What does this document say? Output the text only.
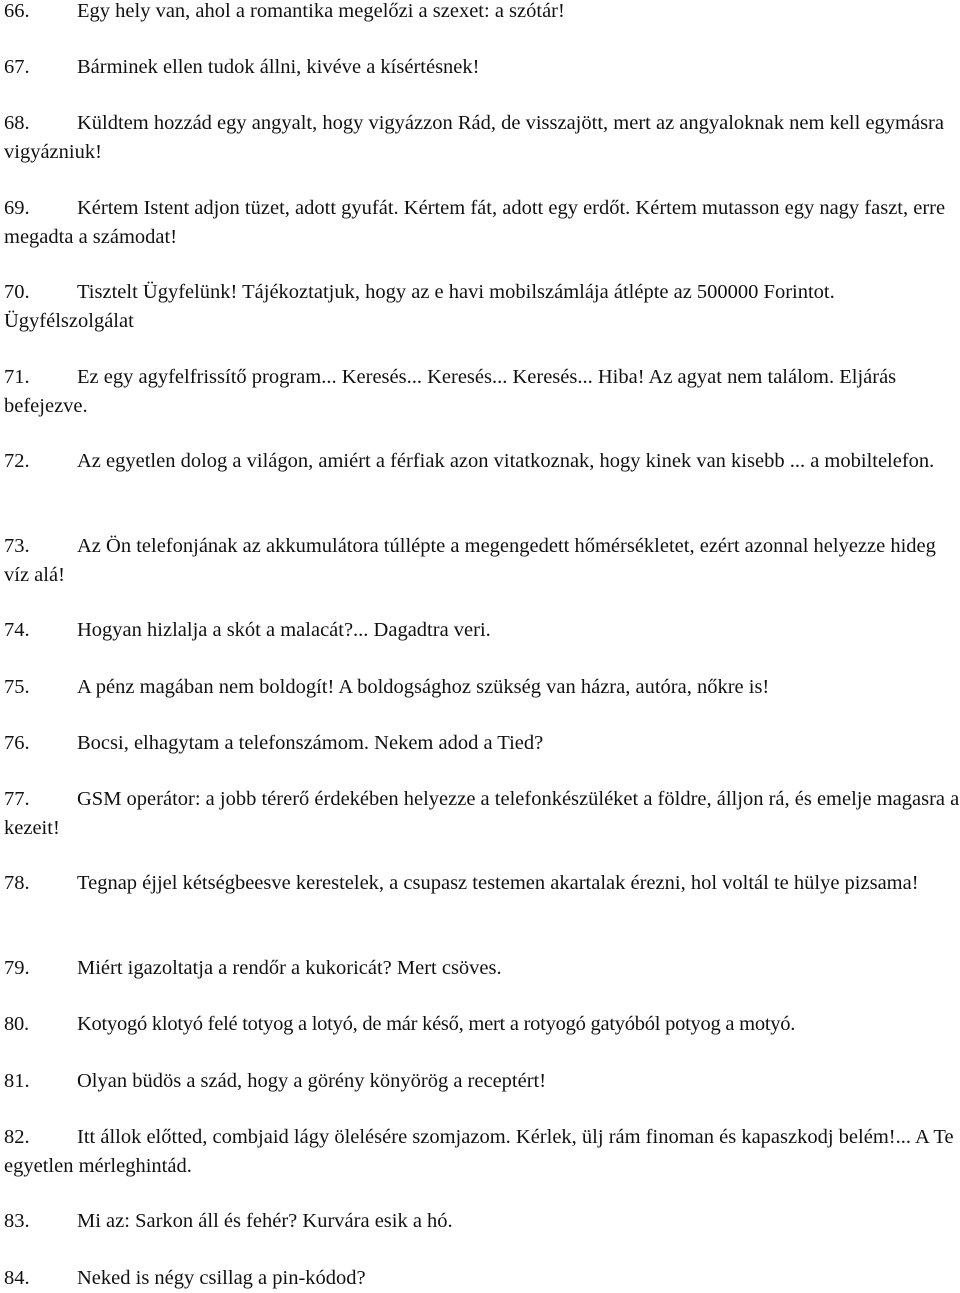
66. Egy hely van, ahol a romantika megelőzi a szexet: a szótár!

67. Bárminek ellen tudok állni, kivéve a kísértésnek!

68. Küldtem hozzád egy angyalt, hogy vigyázzon Rád, de visszajött, mert az angyaloknak nem kell egymásra vigyázniuk!

69. Kértem Istent adjon tüzet, adott gyufát. Kértem fát, adott egy erdőt. Kértem mutasson egy nagy faszt, erre megadta a számodat!

70. Tisztelt Ügyfelünk! Tájékoztatjuk, hogy az e havi mobilszámlája átlépte az 500000 Forintot. Ügyfélszolgálat

71. Ez egy agyfelfrissítő program... Keresés... Keresés... Keresés... Hiba! Az agyat nem találom. Eljárás befejezve.

72. Az egyetlen dolog a világon, amiért a férfiak azon vitatkoznak, hogy kinek van kisebb ... a mobiltelefon.

73. Az Ön telefonjának az akkumulátora túllépte a megengedett hőmérsékletet, ezért azonnal helyezze hideg víz alá!

74. Hogyan hizlalja a skót a malacát?... Dagadtra veri.

75. A pénz magában nem boldogít! A boldogsághoz szükség van házra, autóra, nőkre is!

76. Bocsi, elhagytam a telefonszámom. Nekem adod a Tied?

77. GSM operátor: a jobb térerő érdekében helyezze a telefonkészüléket a földre, álljon rá, és emelje magasra a kezeit!

78. Tegnap éjjel kétségbeesve kerestelek, a csupasz testemen akartalak érezni, hol voltál te hülye pizsama!

79. Miért igazoltatja a rendőr a kukoricát? Mert csöves.

80. Kotyogó klotyó felé totyog a lotyó, de már késő, mert a rotyogó gatyóból potyog a motyó.

81. Olyan büdös a szád, hogy a görény könyörög a receptért!

82. Itt állok előtted, combjaid lágy ölelésére szomjazom. Kérlek, ülj rám finoman és kapaszkodj belém!... A Te egyetlen mérleghintád.

83. Mi az: Sarkon áll és fehér? Kurvára esik a hó.

84. Neked is négy csillag a pin-kódod?
